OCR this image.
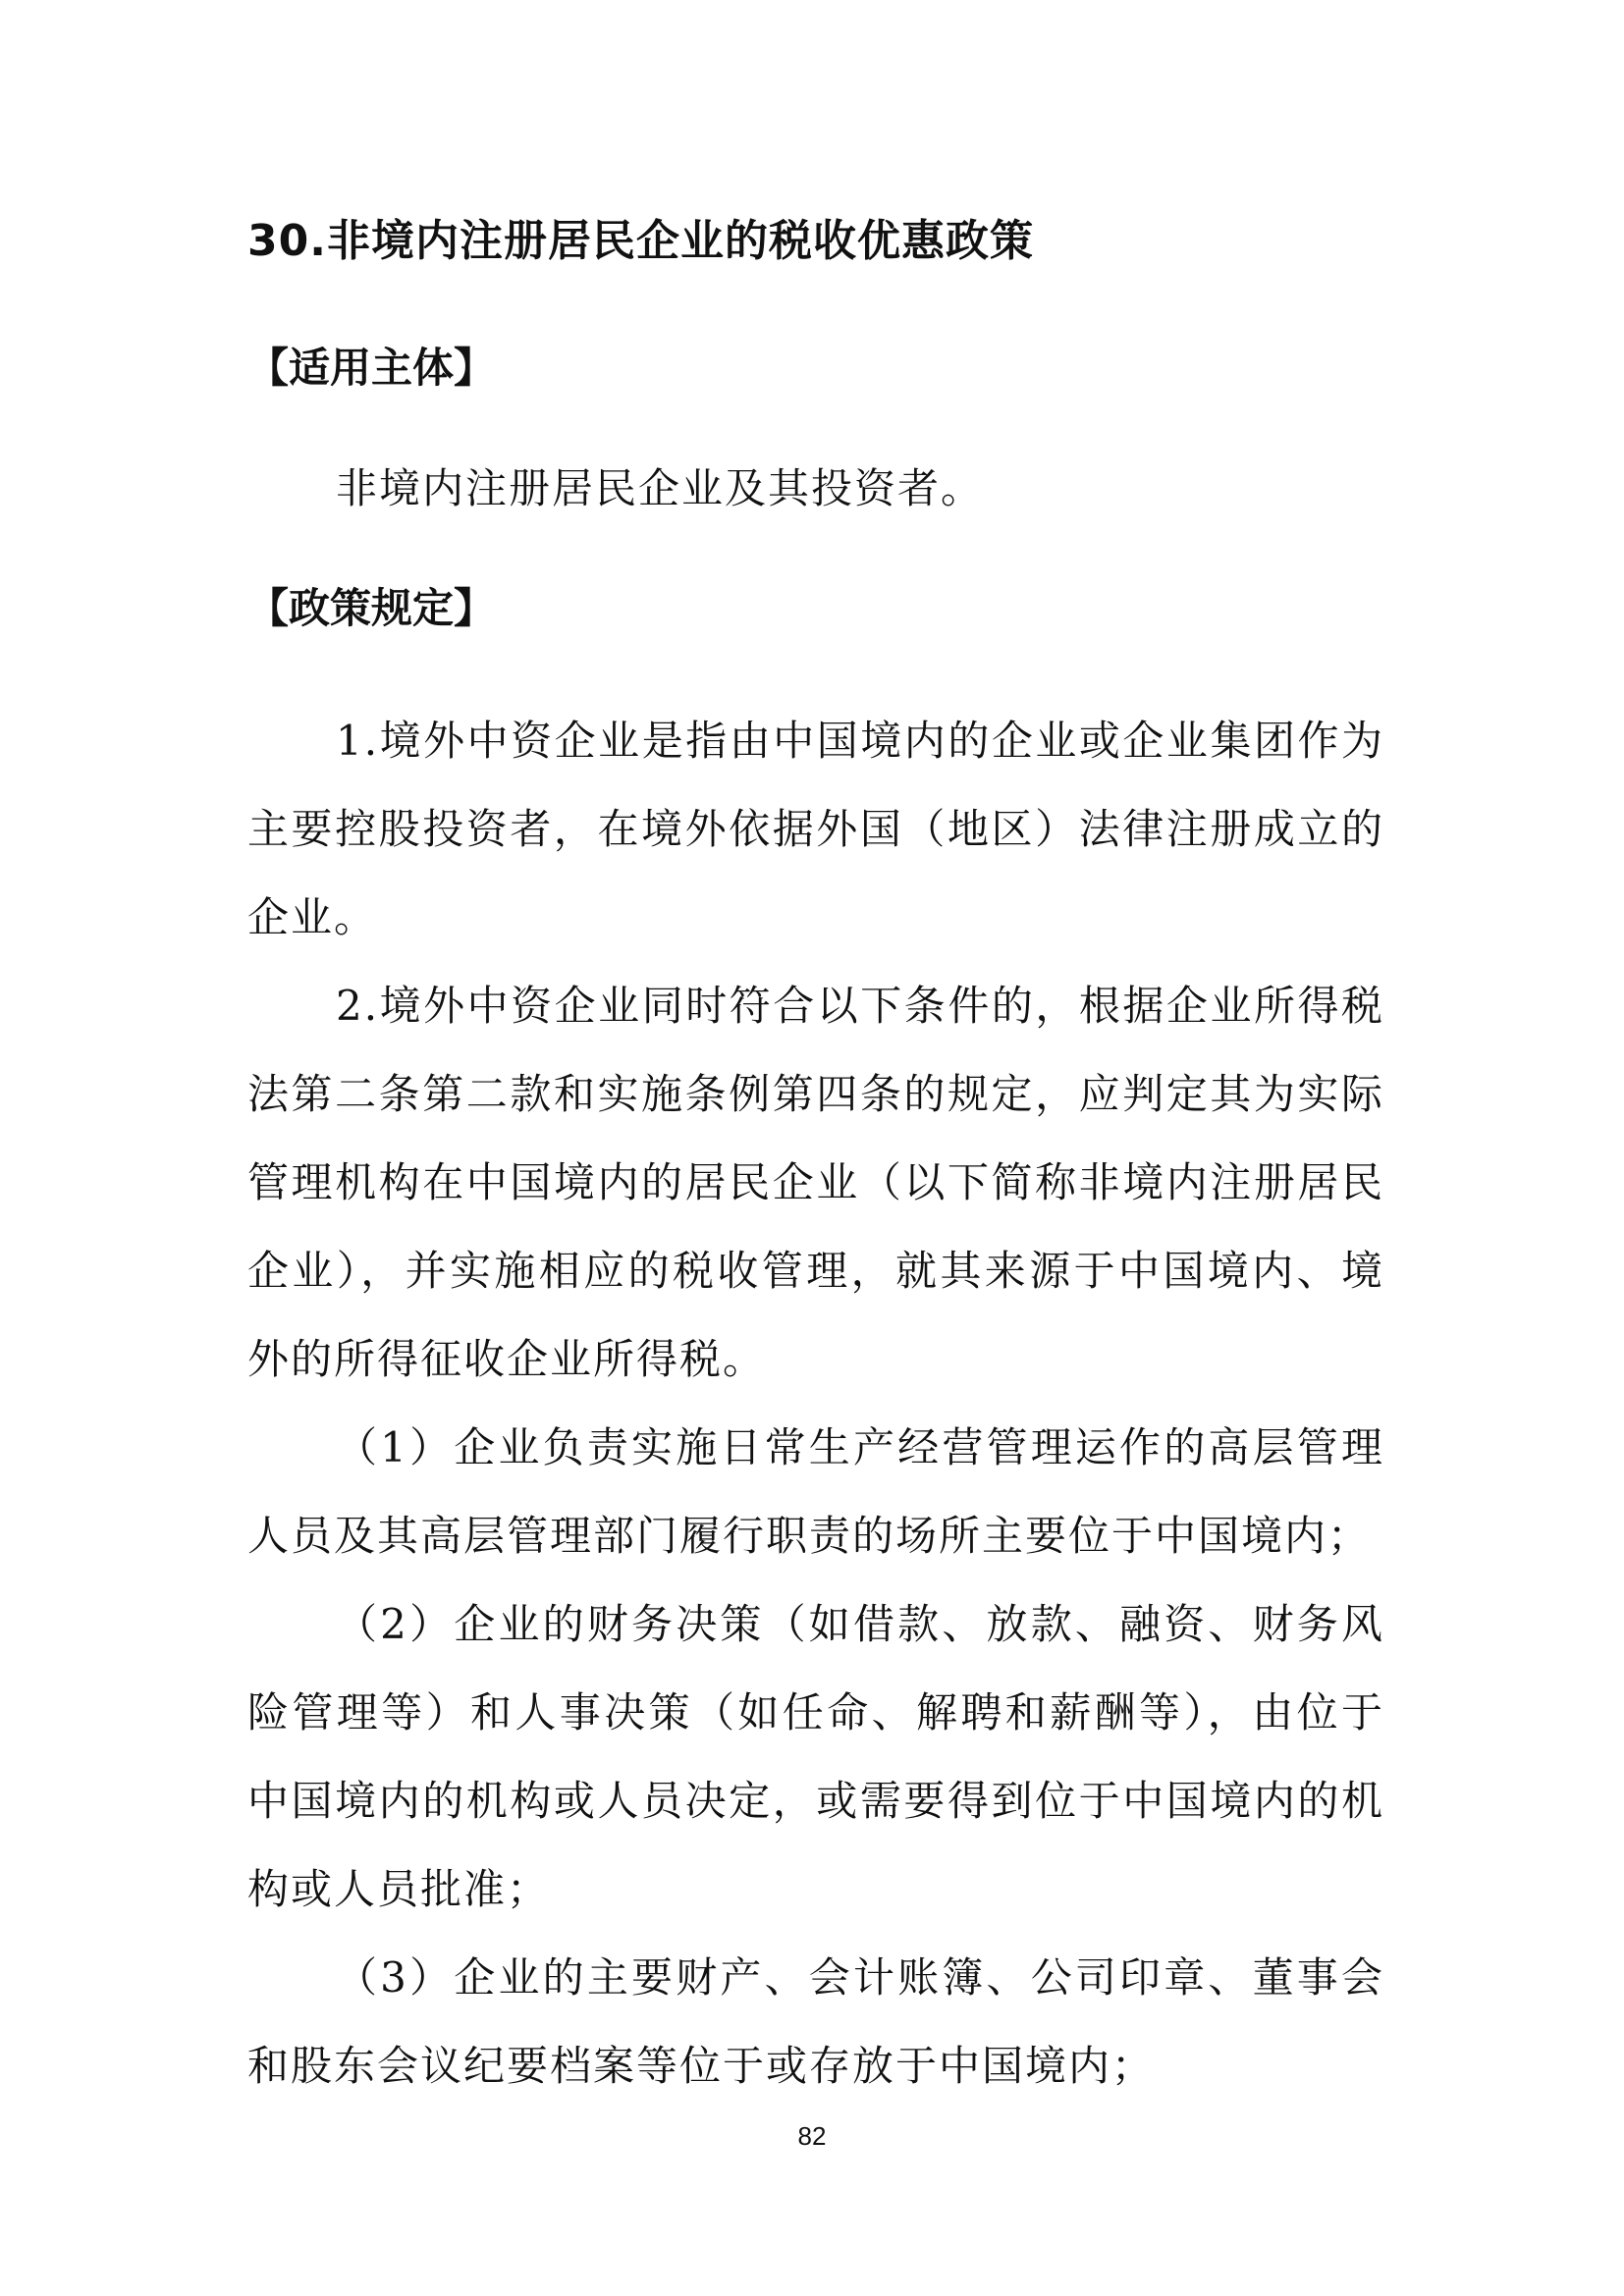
30.非境内注册居民企业的税收优惠政策
【适用主体】
非境内注册居民企业及其投资者。
【政策规定】

1.境外中资企业是指由中国境内的企业或企业集团作为主要控股投资者，在境外依据外国（地区）法律注册成立的企业。

2.境外中资企业同时符合以下条件的，根据企业所得税法第二条第二款和实施条例第四条的规定，应判定其为实际管理机构在中国境内的居民企业（以下简称非境内注册居民企业），并实施相应的税收管理，就其来源于中国境内、境外的所得征收企业所得税。

（1）企业负责实施日常生产经营管理运作的高层管理人员及其高层管理部门履行职责的场所主要位于中国境内；

（2）企业的财务决策（如借款、放款、融资、财务风险管理等）和人事决策（如任命、解聘和薪酬等），由位于中国境内的机构或人员决定，或需要得到位于中国境内的机构或人员批准；

（3）企业的主要财产、会计账簿、公司印章、董事会和股东会议纪要档案等位于或存放于中国境内；

82
